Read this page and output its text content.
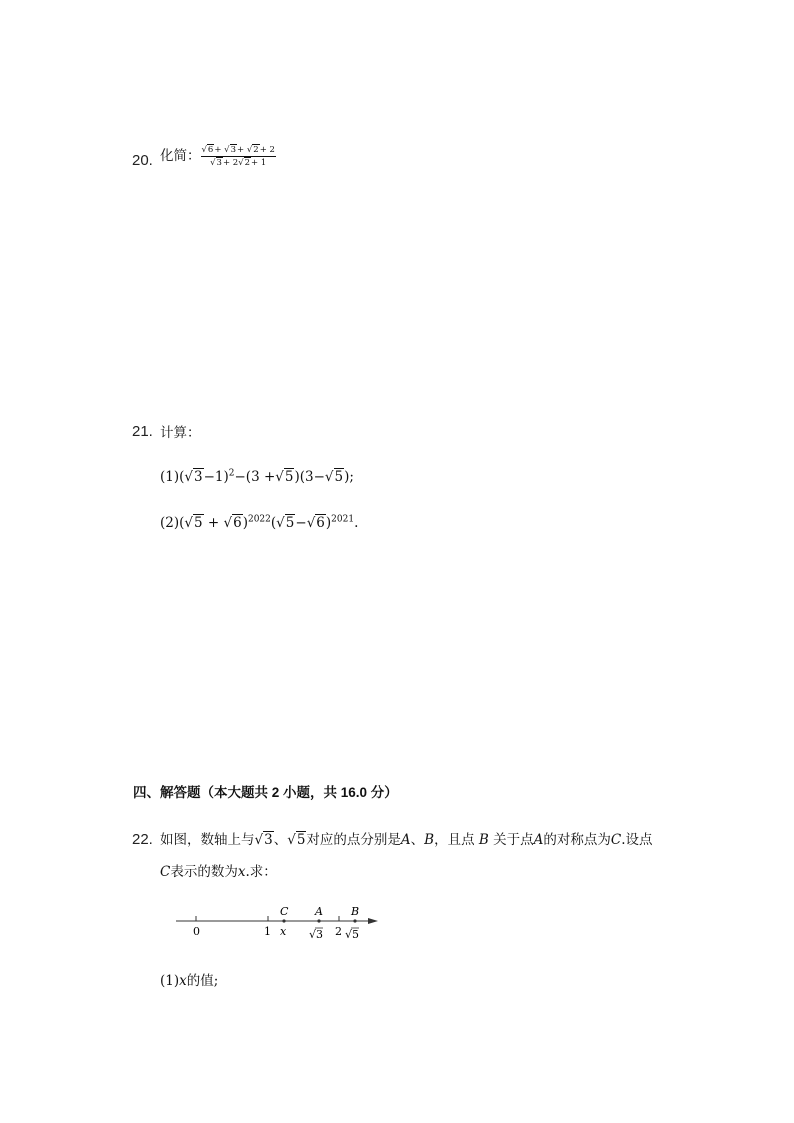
20. 化简： $\frac{√6+ √3+ √2+ 2}{√3+ 2√2+ 1}$
21. 计算：
$(1)(√3-1)^2-(3 +√5)(3-√5)$;
$(2)(√5 + √6)^{2022}(√5-√6)^{2021}$.
四、解答题（本大题共 2 小题，共 16.0 分）
22. 如图，数轴上与√3、√5对应的点分别是A、B，且点 B 关于点A的对称点为C.设点
C表示的数为x.求：
0	1	2
C A	B
x √ 3 √ 5
(1)x的值;
